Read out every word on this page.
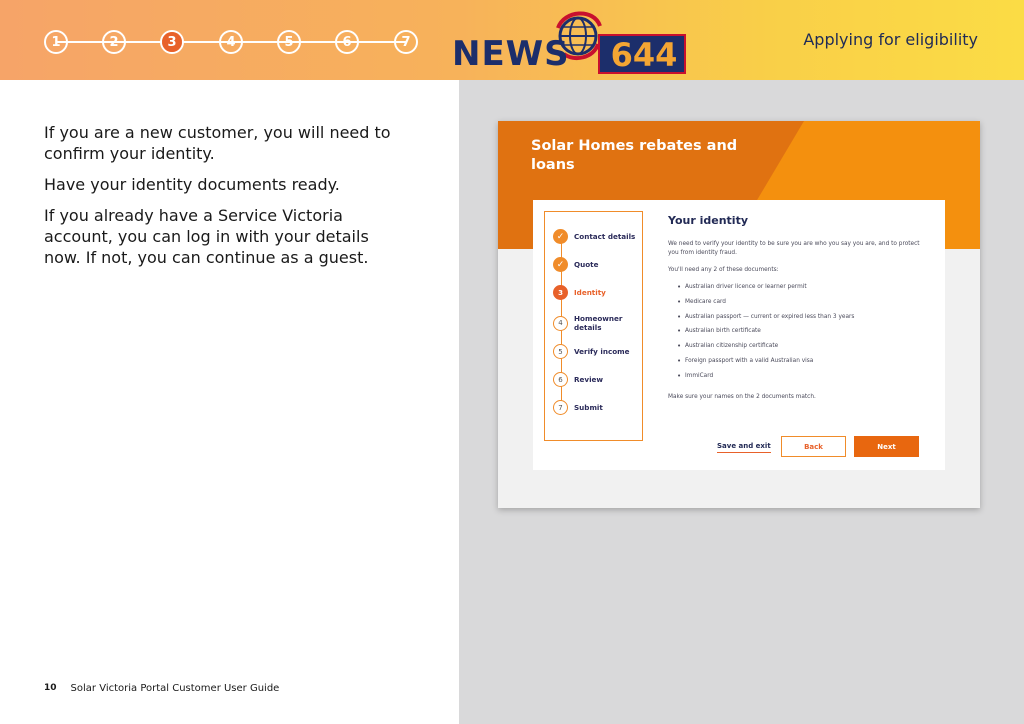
1	2	3	4	5	6	7 NEWS	644	Applying for eligibility

If you are a new customer, you will need to confirm your identity.

Have your identity documents ready.

If you already have a Service Victoria account, you can log in with your details now. If not, you can continue as a guest.

Solar Homes rebates and loans
✓	Contact details
✓	Quote
3	Identity
4	Homeowner details
5	Verify income
6	Review
7	Submit
Your identity
We need to verify your identity to be sure you are who you say you are, and to protect you from identity fraud.
You'll need any 2 of these documents:
• Australian driver licence or learner permit
• Medicare card
• Australian passport — current or expired less than 3 years
• Australian birth certificate
• Australian citizenship certificate
• Foreign passport with a valid Australian visa
• ImmiCard
Make sure your names on the 2 documents match.
Save and exit	Back	Next
10 Solar Victoria Portal Customer User Guide
